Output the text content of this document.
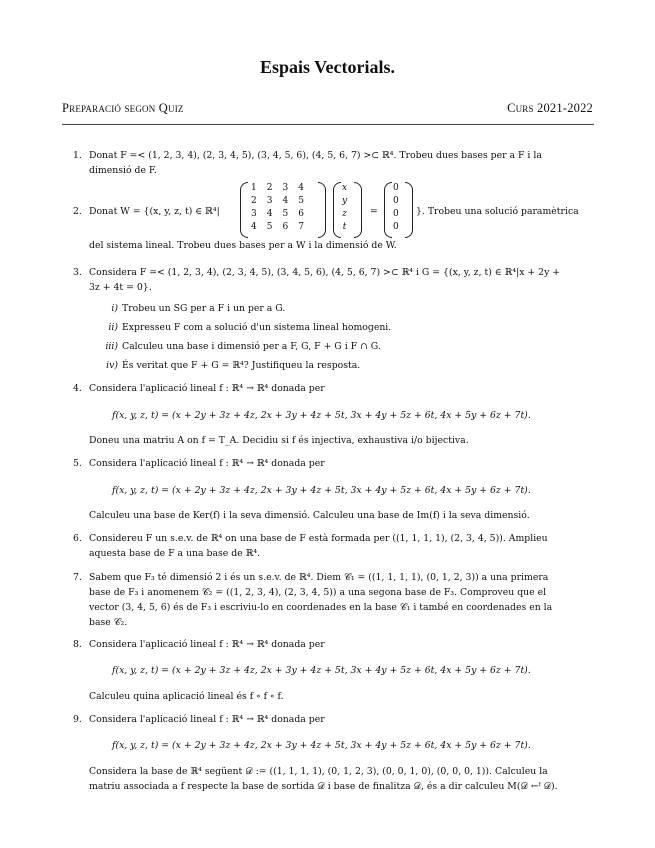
Espais Vectorials.
Preparació segon Quiz	Curs 2021-2022
1. Donat F =< (1, 2, 3, 4), (2, 3, 4, 5), (3, 4, 5, 6), (4, 5, 6, 7) >⊂ ℝ⁴. Trobeu dues bases per a F i la
dimensió de F.
2. Donat W = {(x, y, z, t) ∈ ℝ⁴|
1	2	3	4
2	3	4	5
3	4	5	6
4	5	6	7
x
y
z
t
=
0
0
0
0
}. Trobeu una solució paramètrica
del sistema lineal. Trobeu dues bases per a W i la dimensió de W.
3. Considera F =< (1, 2, 3, 4), (2, 3, 4, 5), (3, 4, 5, 6), (4, 5, 6, 7) >⊂ ℝ⁴ i G = {(x, y, z, t) ∈ ℝ⁴|x + 2y +
3z + 4t = 0}.
i) Trobeu un SG per a F i un per a G.
ii) Expresseu F com a solució d'un sistema lineal homogeni.
iii) Calculeu una base i dimensió per a F, G, F + G i F ∩ G.
iv) És veritat que F + G = ℝ⁴? Justifiqueu la resposta.
4. Considera l'aplicació lineal f : ℝ⁴ → ℝ⁴ donada per
f(x, y, z, t) = (x + 2y + 3z + 4z, 2x + 3y + 4z + 5t, 3x + 4y + 5z + 6t, 4x + 5y + 6z + 7t).
Doneu una matriu A on f = T_A. Decidiu si f és injectiva, exhaustiva i/o bijectiva.
5. Considera l'aplicació lineal f : ℝ⁴ → ℝ⁴ donada per
f(x, y, z, t) = (x + 2y + 3z + 4z, 2x + 3y + 4z + 5t, 3x + 4y + 5z + 6t, 4x + 5y + 6z + 7t).
Calculeu una base de Ker(f) i la seva dimensió. Calculeu una base de Im(f) i la seva dimensió.
6. Considereu F un s.e.v. de ℝ⁴ on una base de F està formada per ((1, 1, 1, 1), (2, 3, 4, 5)). Amplieu
aquesta base de F a una base de ℝ⁴.
7. Sabem que F₃ té dimensió 2 i és un s.e.v. de ℝ⁴. Diem 𝒞₁ = ((1, 1, 1, 1), (0, 1, 2, 3)) a una primera
base de F₃ i anomenem 𝒞₂ = ((1, 2, 3, 4), (2, 3, 4, 5)) a una segona base de F₃. Comproveu que el
vector (3, 4, 5, 6) és de F₃ i escriviu-lo en coordenades en la base 𝒞₁ i també en coordenades en la
base 𝒞₂.
8. Considera l'aplicació lineal f : ℝ⁴ → ℝ⁴ donada per
f(x, y, z, t) = (x + 2y + 3z + 4z, 2x + 3y + 4z + 5t, 3x + 4y + 5z + 6t, 4x + 5y + 6z + 7t).
Calculeu quina aplicació lineal és f ∘ f ∘ f.
9. Considera l'aplicació lineal f : ℝ⁴ → ℝ⁴ donada per
f(x, y, z, t) = (x + 2y + 3z + 4z, 2x + 3y + 4z + 5t, 3x + 4y + 5z + 6t, 4x + 5y + 6z + 7t).
Considera la base de ℝ⁴ següent 𝒟 := ((1, 1, 1, 1), (0, 1, 2, 3), (0, 0, 1, 0), (0, 0, 0, 1)). Calculeu la
matriu associada a f respecte la base de sortida 𝒟 i base de finalitza 𝒟, és a dir calculeu M(𝒟 ←ᶠ 𝒟).
